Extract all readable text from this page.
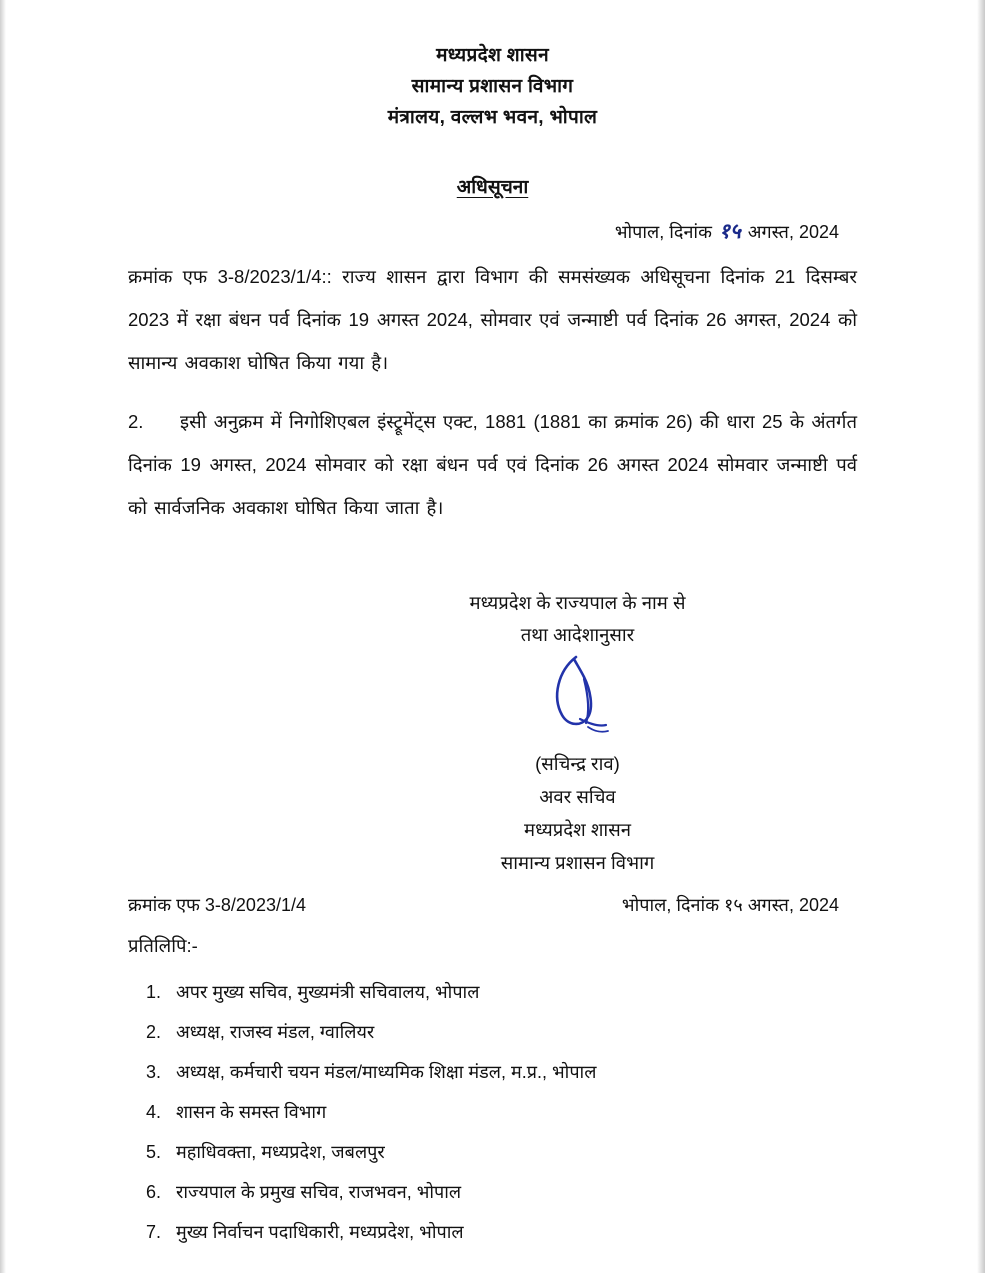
मध्यप्रदेश शासन
सामान्य प्रशासन विभाग
मंत्रालय, वल्लभ भवन, भोपाल
अधिसूचना
भोपाल, दिनांक १५ अगस्त, 2024

क्रमांक एफ 3-8/2023/1/4:: राज्य शासन द्वारा विभाग की समसंख्यक अधिसूचना दिनांक 21 दिसम्बर 2023 में रक्षा बंधन पर्व दिनांक 19 अगस्त 2024, सोमवार एवं जन्माष्टी पर्व दिनांक 26 अगस्त, 2024 को सामान्य अवकाश घोषित किया गया है।

2. इसी अनुक्रम में निगोशिएबल इंस्ट्रूमेंट्स एक्ट, 1881 (1881 का क्रमांक 26) की धारा 25 के अंतर्गत दिनांक 19 अगस्त, 2024 सोमवार को रक्षा बंधन पर्व एवं दिनांक 26 अगस्त 2024 सोमवार जन्माष्टी पर्व को सार्वजनिक अवकाश घोषित किया जाता है।

मध्यप्रदेश के राज्यपाल के नाम से
तथा आदेशानुसार
(सचिन्द्र राव)
अवर सचिव
मध्यप्रदेश शासन
सामान्य प्रशासन विभाग
क्रमांक एफ 3-8/2023/1/4	भोपाल, दिनांक १५ अगस्त, 2024
प्रतिलिपि:-
1. अपर मुख्य सचिव, मुख्यमंत्री सचिवालय, भोपाल
2. अध्यक्ष, राजस्व मंडल, ग्वालियर
3. अध्यक्ष, कर्मचारी चयन मंडल/माध्यमिक शिक्षा मंडल, म.प्र., भोपाल
4. शासन के समस्त विभाग
5. महाधिवक्ता, मध्यप्रदेश, जबलपुर
6. राज्यपाल के प्रमुख सचिव, राजभवन, भोपाल
7. मुख्य निर्वाचन पदाधिकारी, मध्यप्रदेश, भोपाल
